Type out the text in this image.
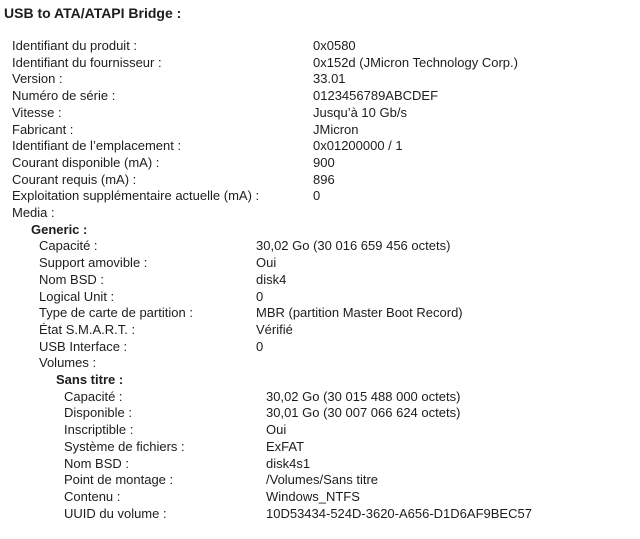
USB to ATA/ATAPI Bridge :
Identifiant du produit :	0x0580
Identifiant du fournisseur :	0x152d (JMicron Technology Corp.)
Version :	33.01
Numéro de série :	0123456789ABCDEF
Vitesse :	Jusqu’à 10 Gb/s
Fabricant :	JMicron
Identifiant de l’emplacement :	0x01200000 / 1
Courant disponible (mA) :	900
Courant requis (mA) :	896
Exploitation supplémentaire actuelle (mA) :	0
Media :
Generic :
Capacité :	30,02 Go (30 016 659 456 octets)
Support amovible :	Oui
Nom BSD :	disk4
Logical Unit :	0
Type de carte de partition :	MBR (partition Master Boot Record)
État S.M.A.R.T. :	Vérifié
USB Interface :	0
Volumes :
Sans titre :
Capacité :	30,02 Go (30 015 488 000 octets)
Disponible :	30,01 Go (30 007 066 624 octets)
Inscriptible :	Oui
Système de fichiers :	ExFAT
Nom BSD :	disk4s1
Point de montage :	/Volumes/Sans titre
Contenu :	Windows_NTFS
UUID du volume :	10D53434-524D-3620-A656-D1D6AF9BEC57
